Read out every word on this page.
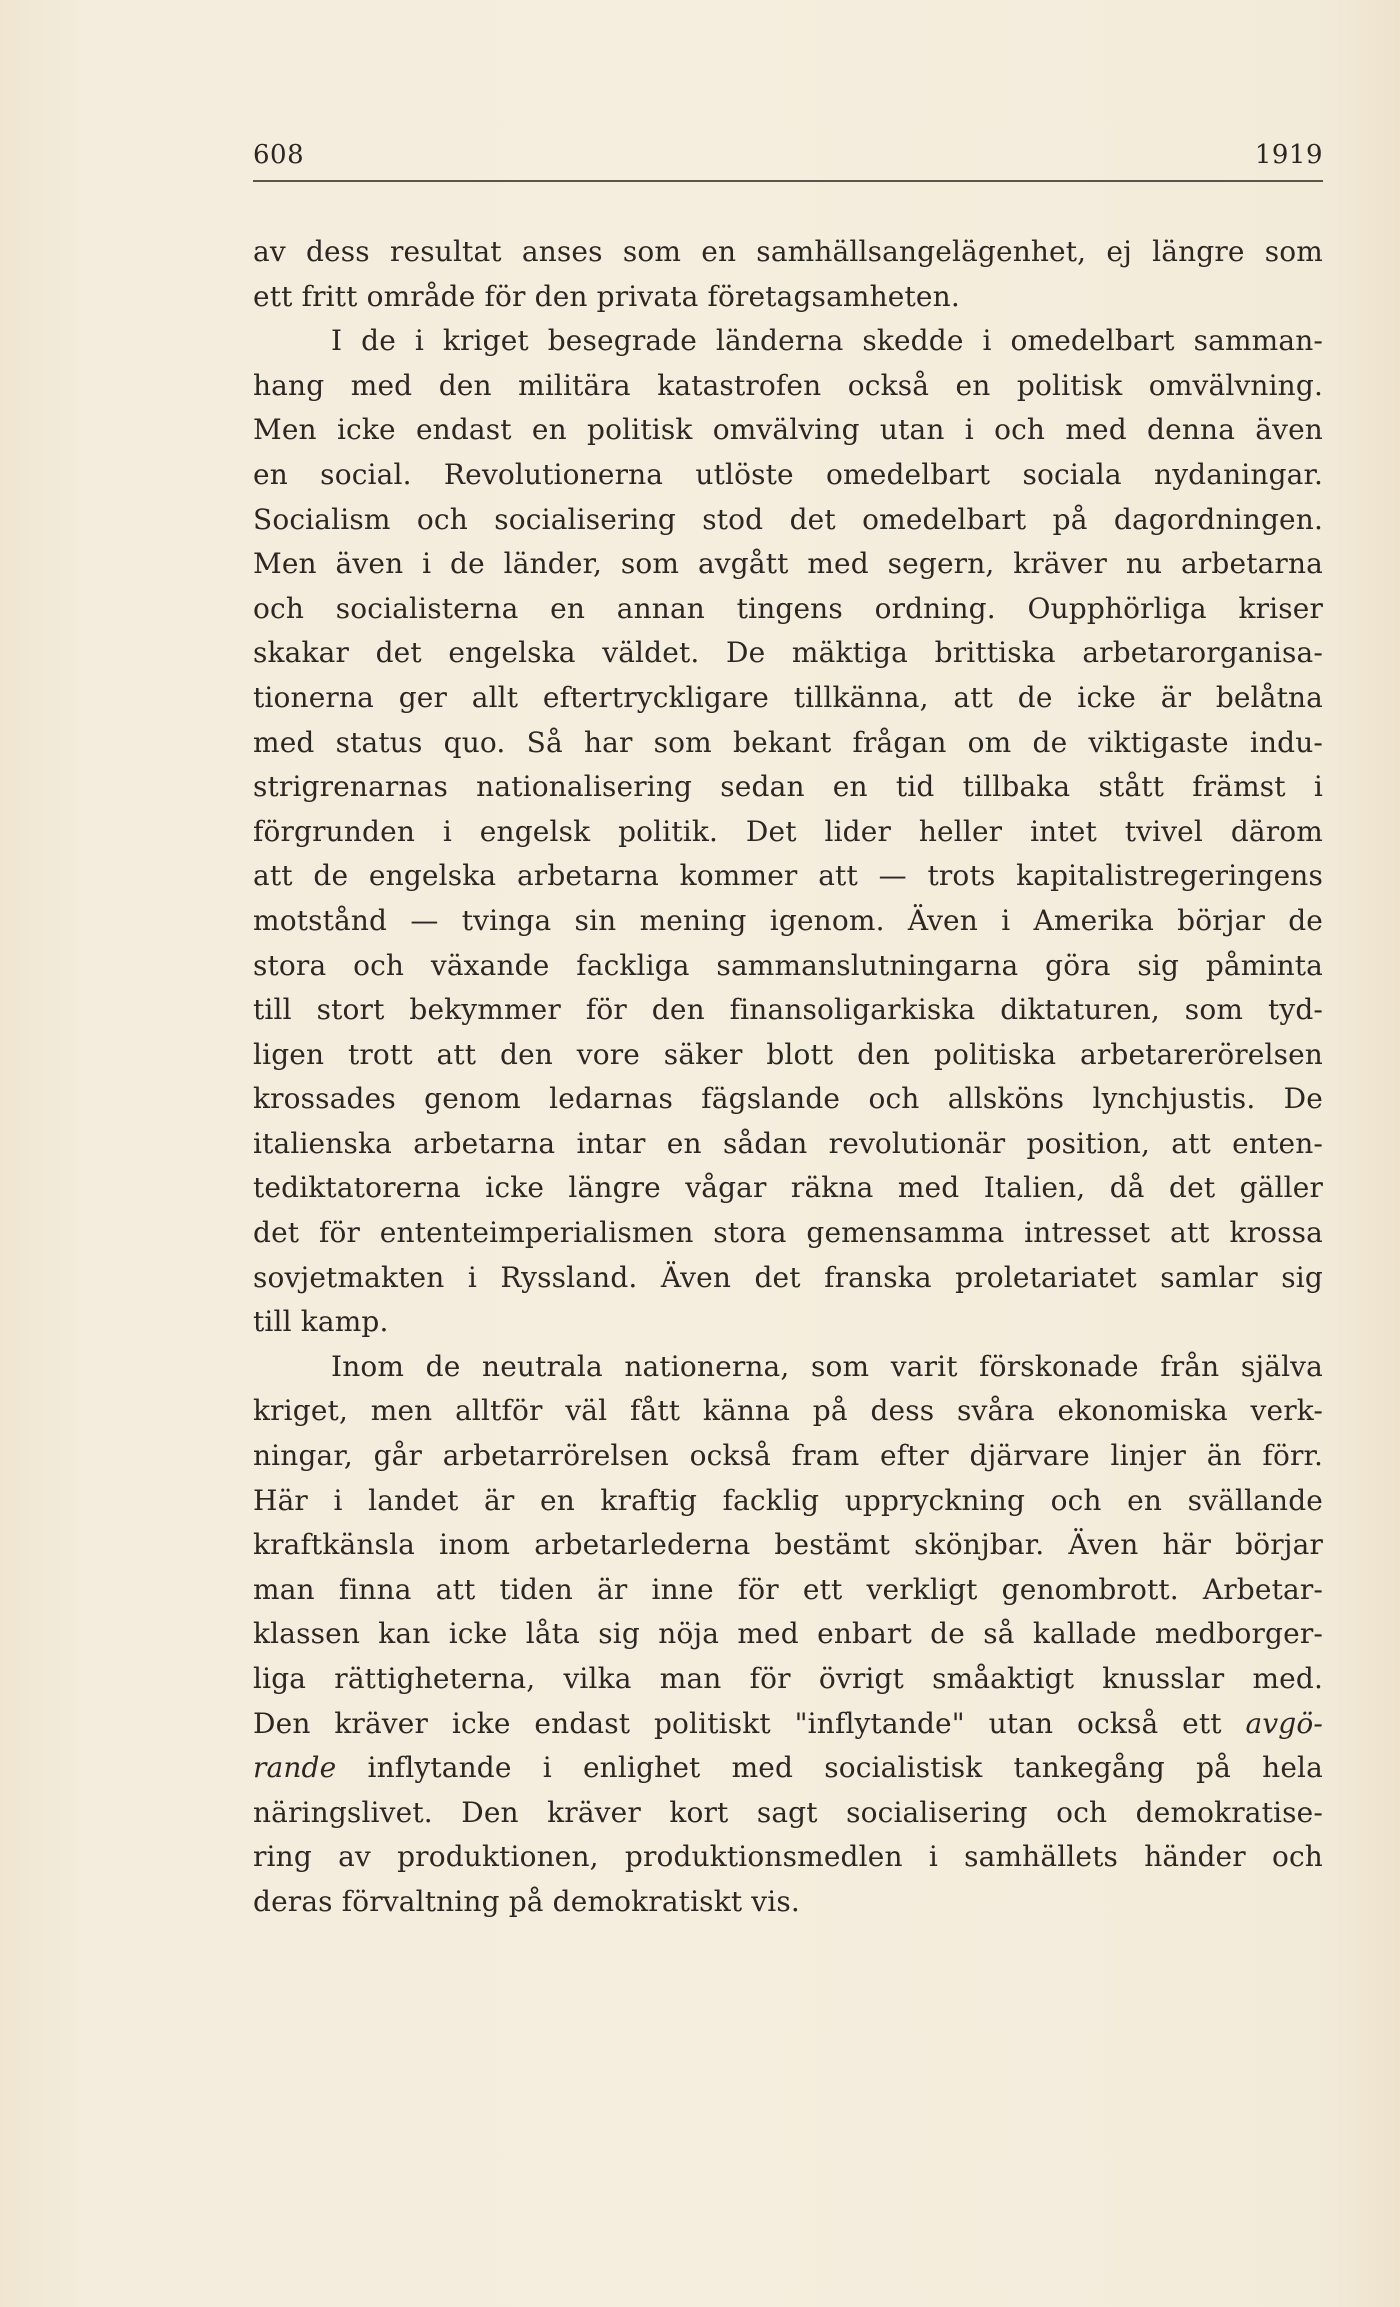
608	1919
av dess resultat anses som en samhällsangelägenhet, ej längre som
ett fritt område för den privata företagsamheten.
I de i kriget besegrade länderna skedde i omedelbart samman-
hang med den militära katastrofen också en politisk omvälvning.
Men icke endast en politisk omvälving utan i och med denna även
en social. Revolutionerna utlöste omedelbart sociala nydaningar.
Socialism och socialisering stod det omedelbart på dagordningen.
Men även i de länder, som avgått med segern, kräver nu arbetarna
och socialisterna en annan tingens ordning. Oupphörliga kriser
skakar det engelska väldet. De mäktiga brittiska arbetarorganisa-
tionerna ger allt eftertryckligare tillkänna, att de icke är belåtna
med status quo. Så har som bekant frågan om de viktigaste indu-
strigrenarnas nationalisering sedan en tid tillbaka stått främst i
förgrunden i engelsk politik. Det lider heller intet tvivel därom
att de engelska arbetarna kommer att — trots kapitalistregeringens
motstånd — tvinga sin mening igenom. Även i Amerika börjar de
stora och växande fackliga sammanslutningarna göra sig påminta
till stort bekymmer för den finansoligarkiska diktaturen, som tyd-
ligen trott att den vore säker blott den politiska arbetarerörelsen
krossades genom ledarnas fägslande och allsköns lynchjustis. De
italienska arbetarna intar en sådan revolutionär position, att enten-
tediktatorerna icke längre vågar räkna med Italien, då det gäller
det för ententeimperialismen stora gemensamma intresset att krossa
sovjetmakten i Ryssland. Även det franska proletariatet samlar sig
till kamp.
Inom de neutrala nationerna, som varit förskonade från själva
kriget, men alltför väl fått känna på dess svåra ekonomiska verk-
ningar, går arbetarrörelsen också fram efter djärvare linjer än förr.
Här i landet är en kraftig facklig uppryckning och en svällande
kraftkänsla inom arbetarlederna bestämt skönjbar. Även här börjar
man finna att tiden är inne för ett verkligt genombrott. Arbetar-
klassen kan icke låta sig nöja med enbart de så kallade medborger-
liga rättigheterna, vilka man för övrigt småaktigt knusslar med.
Den kräver icke endast politiskt "inflytande" utan också ett avgö-
rande inflytande i enlighet med socialistisk tankegång på hela
näringslivet. Den kräver kort sagt socialisering och demokratise-
ring av produktionen, produktionsmedlen i samhällets händer och
deras förvaltning på demokratiskt vis.
